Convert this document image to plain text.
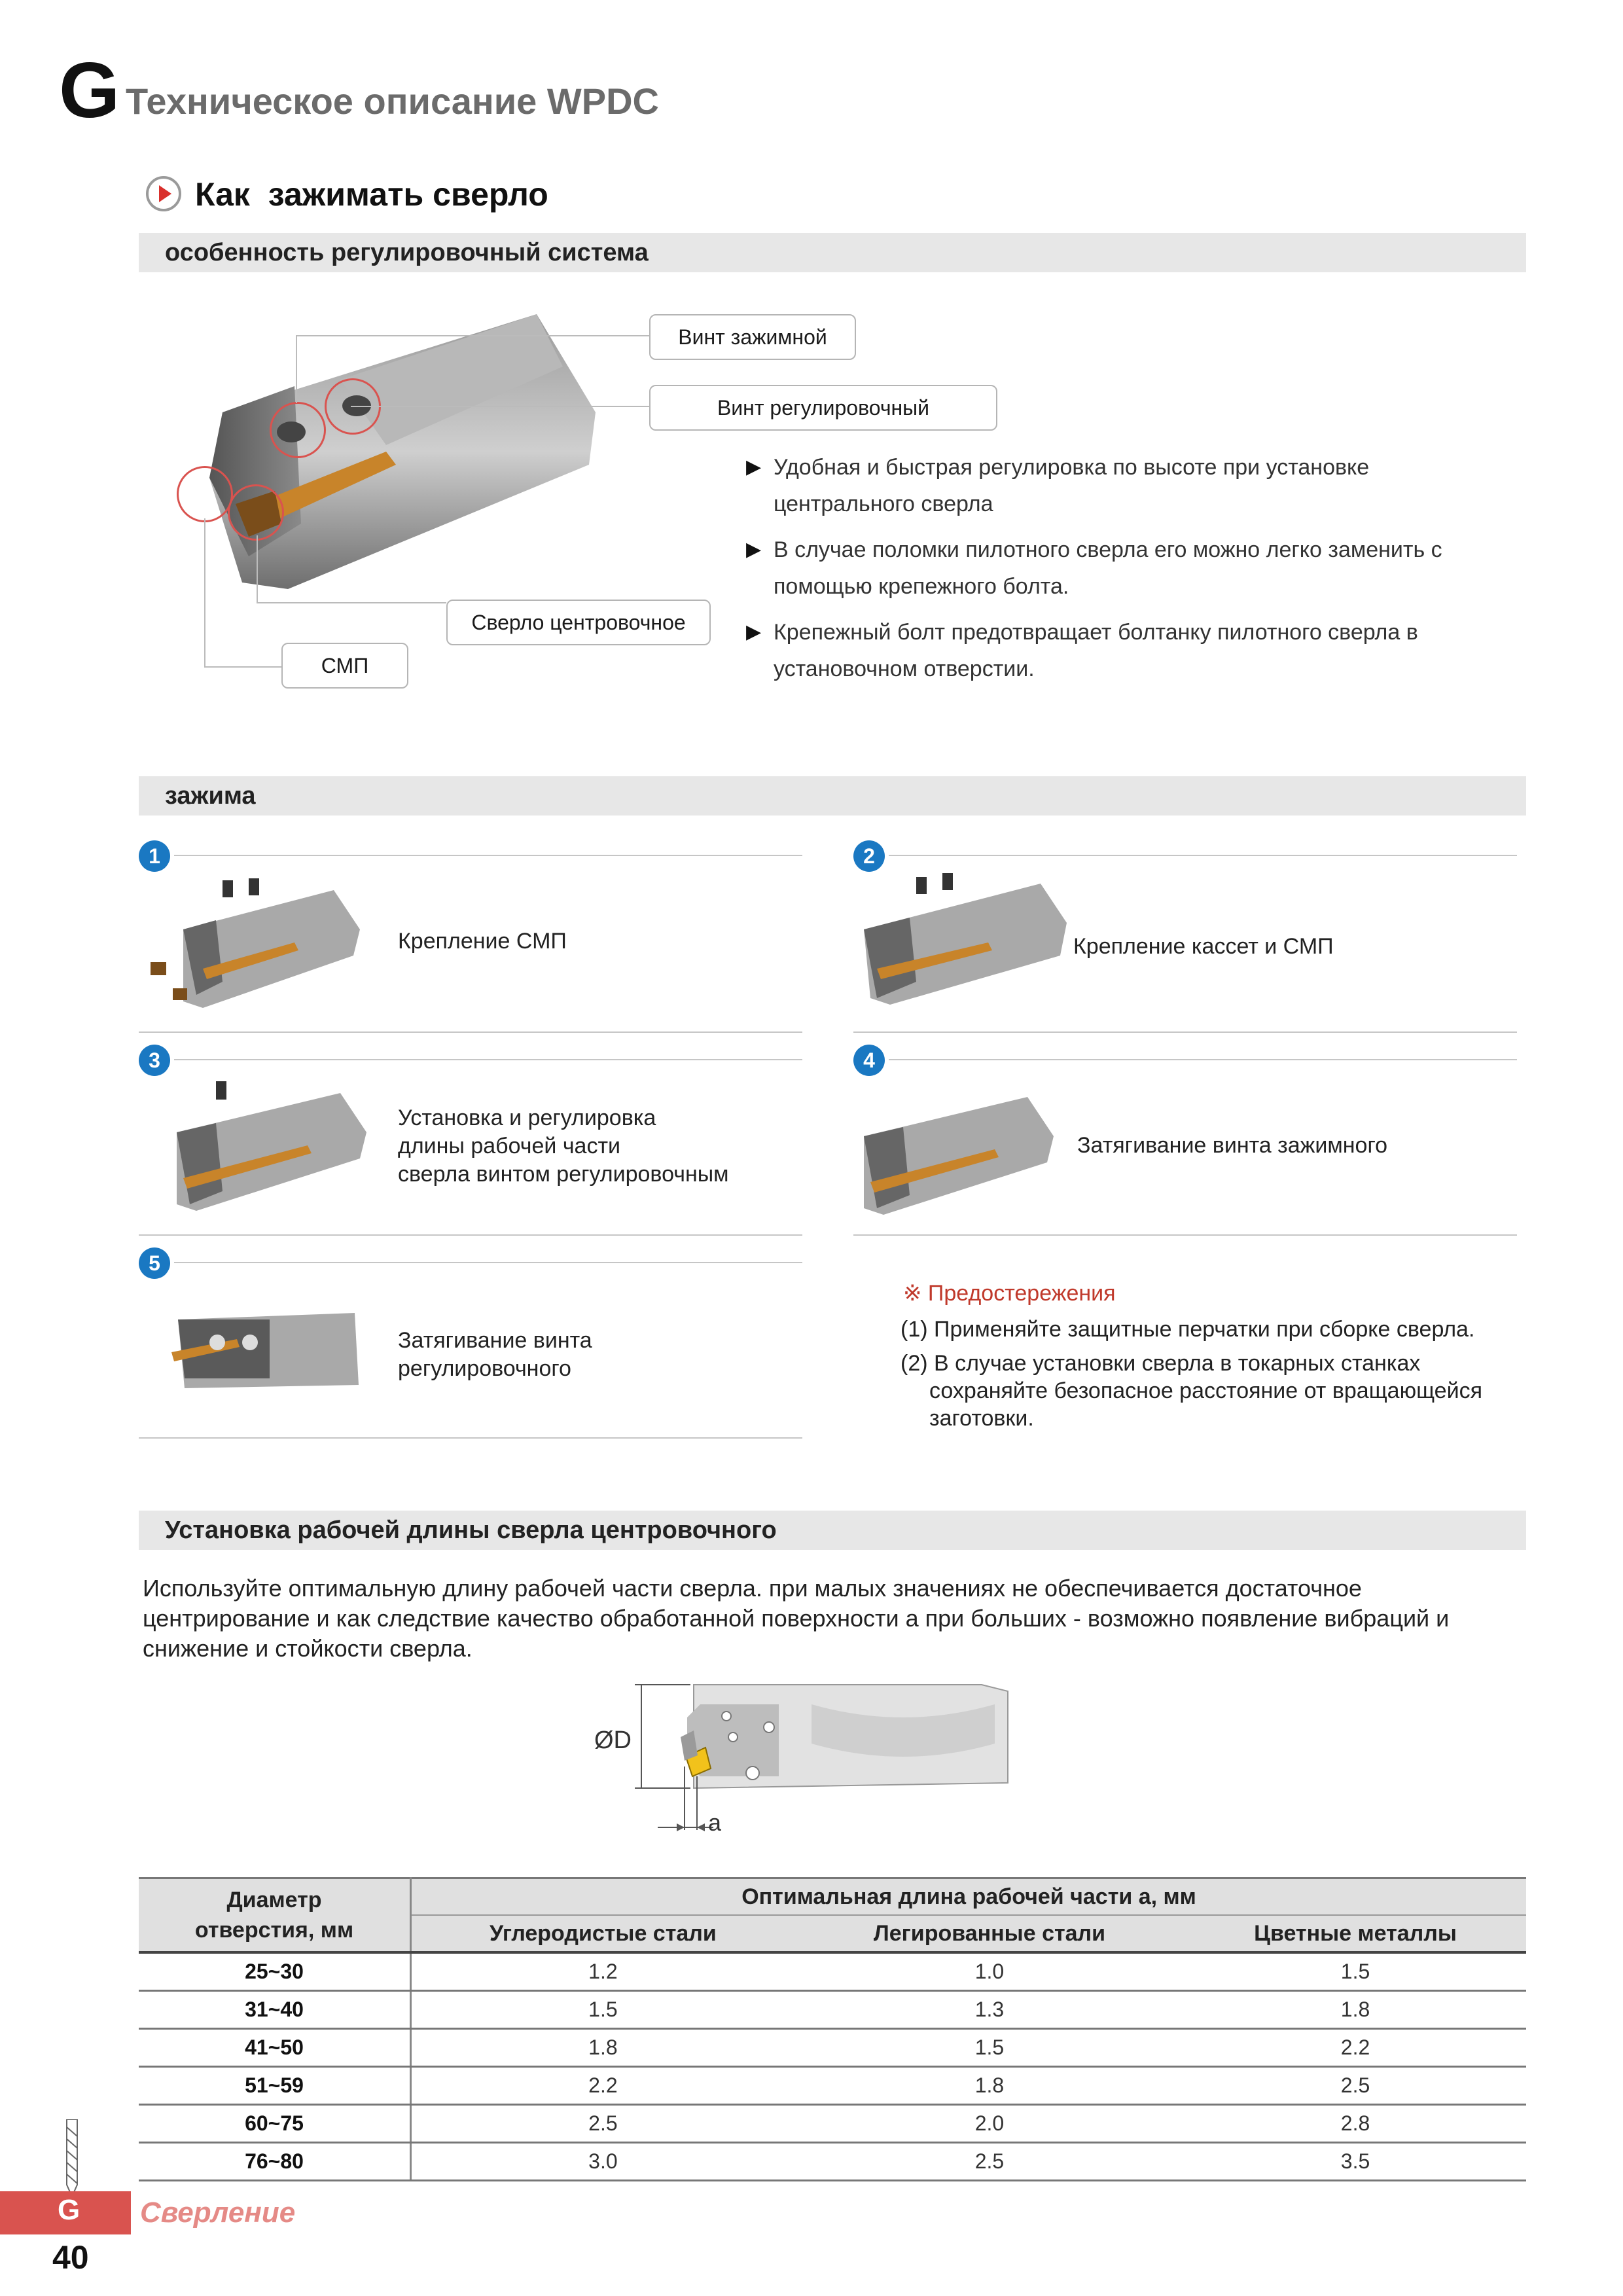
G Техническое описание WPDC
Как  зажимать сверло
особенность регулировочный система
Винт зажимной
Винт регулировочный
Сверло центровочное
СМП
▶ Удобная и быстрая регулировка по высоте при установке
центрального сверла
▶ В случае поломки пилотного сверла его можно легко заменить с
помощью крепежного болта.
▶ Крепежный болт предотвращает болтанку пилотного сверла в
установочном отверстии.
зажима
1
Крепление СМП
2
Крепление кассет и СМП
3
Установка и регулировка
длины рабочей части
сверла винтом регулировочным
4
Затягивание винта зажимного
5
Затягивание винта
регулировочного
※ Предостережения
(1) Применяйте защитные перчатки при сборке сверла.
(2) В случае установки сверла в токарных станках
сохраняйте безопасное расстояние от вращающейся
заготовки.
Установка рабочей длины сверла центровочного
Используйте оптимальную длину рабочей части сверла. при малых значениях не обеспечивается достаточное
центрирование и как следствие качество обработанной поверхности а при больших - возможно появление вибраций и
снижение и стойкости сверла.
ØD
a
Диаметр
отверстия, мм	Оптимальная длина рабочей части a, мм		
	Углеродистые стали	Легированные стали	Цветные металлы
25~30	1.2	1.0	1.5
31~40	1.5	1.3	1.8
41~50	1.8	1.5	2.2
51~59	2.2	1.8	2.5
60~75	2.5	2.0	2.8
76~80	3.0	2.5	3.5
G Сверление
40
